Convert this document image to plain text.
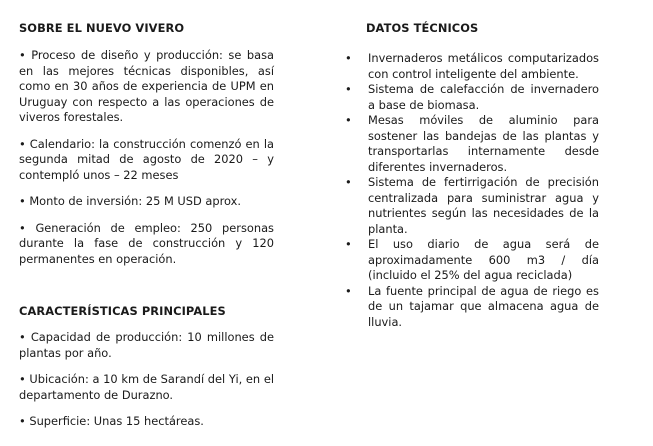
SOBRE EL NUEVO VIVERO

• Proceso de diseño y producción: se basa en las mejores técnicas disponibles, así como en 30 años de experiencia de UPM en Uruguay con respecto a las operaciones de viveros forestales.

• Calendario: la construcción comenzó en la segunda mitad de agosto de 2020 – y contempló unos – 22 meses

• Monto de inversión: 25 M USD aprox.

• Generación de empleo: 250 personas durante la fase de construcción y 120 permanentes en operación.

CARACTERÍSTICAS PRINCIPALES

• Capacidad de producción: 10 millones de plantas por año.

• Ubicación: a 10 km de Sarandí del Yi, en el departamento de Durazno.

• Superficie: Unas 15 hectáreas.

DATOS TÉCNICOS
• Invernaderos metálicos computarizados con control inteligente del ambiente.
• Sistema de calefacción de invernadero a base de biomasa.
• Mesas móviles de aluminio para sostener las bandejas de las plantas y transportarlas internamente desde diferentes invernaderos.
• Sistema de fertirrigación de precisión centralizada para suministrar agua y nutrientes según las necesidades de la planta.
• El uso diario de agua será de aproximadamente 600 m3 / día (incluido el 25% del agua reciclada)
• La fuente principal de agua de riego es de un tajamar que almacena agua de lluvia.
